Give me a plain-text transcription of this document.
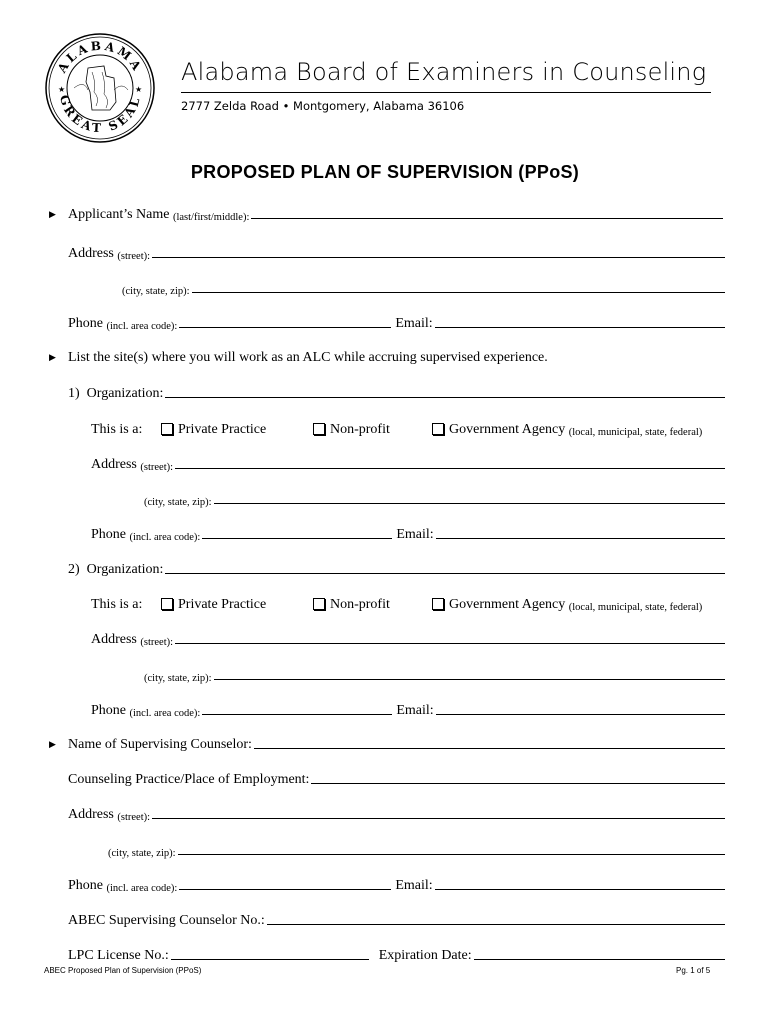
ALABAMA
GREAT SEAL
★	★
Alabama Board of Examiners in Counseling
2777 Zelda Road • Montgomery, Alabama 36106
PROPOSED PLAN OF SUPERVISION (PPoS)
▶ Applicant’s Name
(last/first/middle):
Address
(street):
(city, state, zip):
Phone
(incl. area code):	Email:
▶ List the site(s) where you will work as an ALC while accruing supervised experience.
1)
Organization:
This is a:	Private Practice	Non-profit	Government Agency
(local, municipal, state, federal)
Address
(street):
(city, state, zip):
Phone
(incl. area code):	Email:
2)
Organization:
This is a:	Private Practice	Non-profit	Government Agency
(local, municipal, state, federal)
Address
(street):
(city, state, zip):
Phone
(incl. area code):	Email:
▶ Name of Supervising Counselor:
Counseling Practice/Place of Employment:
Address
(street):
(city, state, zip):
Phone
(incl. area code):	Email:
ABEC Supervising Counselor No.:
LPC License No.:	Expiration Date:
ABEC Proposed Plan of Supervision (PPoS)	Pg. 1 of 5
